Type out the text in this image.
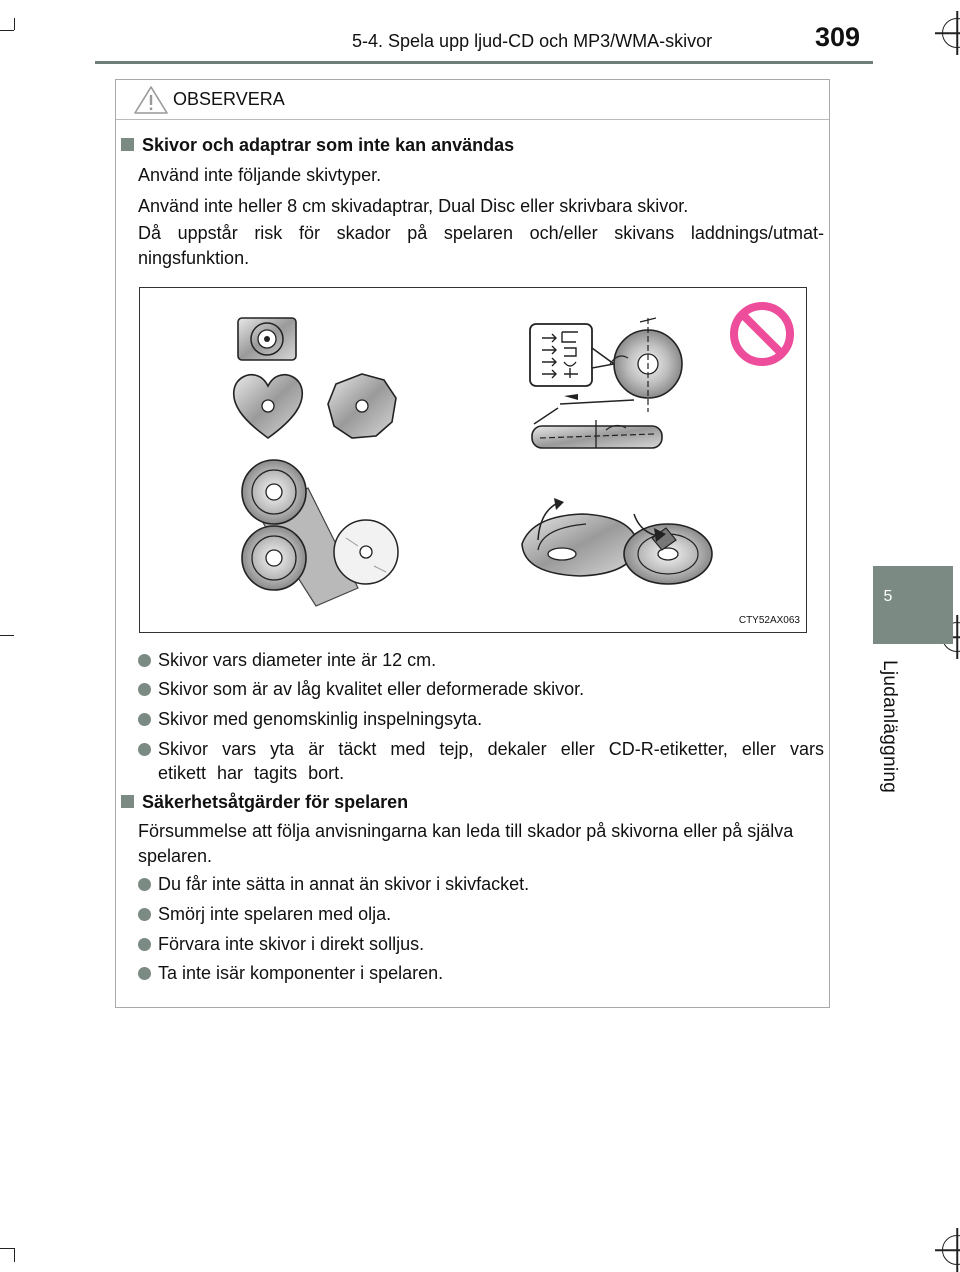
5-4. Spela upp ljud-CD och MP3/WMA-skivor	309
5
Ljudanläggning
OBSERVERA
Skivor och adaptrar som inte kan användas
Använd inte följande skivtyper.
Använd inte heller 8 cm skivadaptrar, Dual Disc eller skrivbara skivor.
Då uppstår risk för skador på spelaren och/eller skivans laddnings/utmat-ningsfunktion.
CTY52AX063
Skivor vars diameter inte är 12 cm.
Skivor som är av låg kvalitet eller deformerade skivor.
Skivor med genomskinlig inspelningsyta.
Skivor vars yta är täckt med tejp, dekaler eller CD-R-etiketter, eller vars etikett har tagits bort.
Säkerhetsåtgärder för spelaren
Försummelse att följa anvisningarna kan leda till skador på skivorna eller på själva spelaren.
Du får inte sätta in annat än skivor i skivfacket.
Smörj inte spelaren med olja.
Förvara inte skivor i direkt solljus.
Ta inte isär komponenter i spelaren.
